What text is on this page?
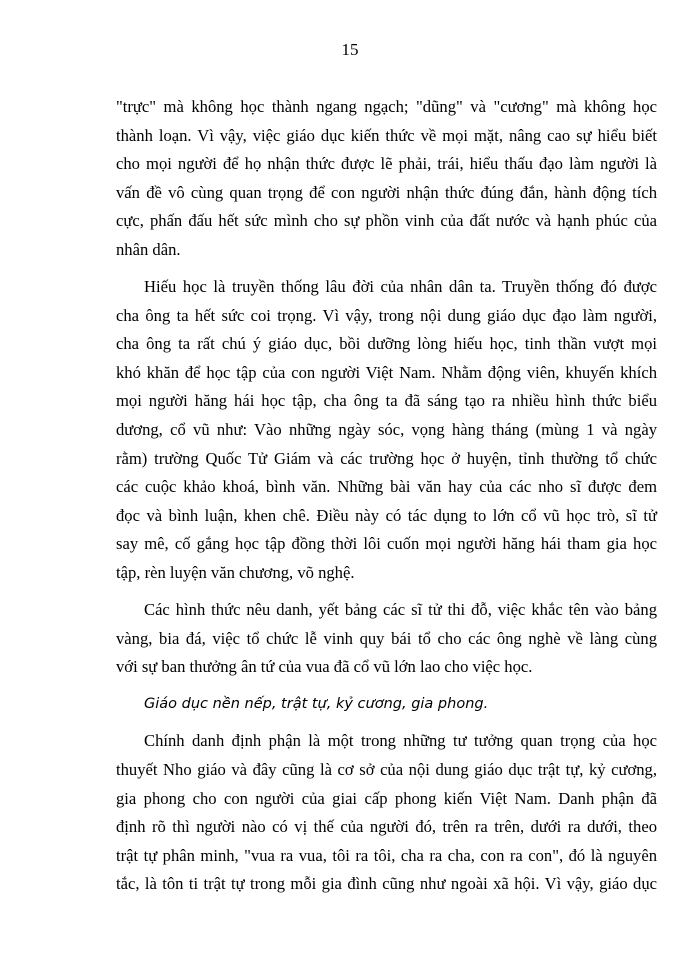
15
"trực" mà không học thành ngang ngạch; "dũng" và "cương" mà không học
thành loạn. Vì vậy, việc giáo dục kiến thức về mọi mặt, nâng cao sự hiểu biết
cho mọi người để họ nhận thức được lẽ phải, trái, hiểu thấu đạo làm người là
vấn đề vô cùng quan trọng để con người nhận thức đúng đắn, hành động tích
cực, phấn đấu hết sức mình cho sự phồn vinh của đất nước và hạnh phúc của
nhân dân.
Hiếu học là truyền thống lâu đời của nhân dân ta. Truyền thống đó được
cha ông ta hết sức coi trọng. Vì vậy, trong nội dung giáo dục đạo làm người,
cha ông ta rất chú ý giáo dục, bồi dưỡng lòng hiếu học, tinh thần vượt mọi
khó khăn để học tập của con người Việt Nam. Nhằm động viên, khuyến khích
mọi người hăng hái học tập, cha ông ta đã sáng tạo ra nhiều hình thức biểu
dương, cổ vũ như: Vào những ngày sóc, vọng hàng tháng (mùng 1 và ngày
rằm) trường Quốc Tử Giám và các trường học ở huyện, tỉnh thường tổ chức
các cuộc khảo khoá, bình văn. Những bài văn hay của các nho sĩ được đem
đọc và bình luận, khen chê. Điều này có tác dụng to lớn cổ vũ học trò, sĩ tử
say mê, cố gắng học tập đồng thời lôi cuốn mọi người hăng hái tham gia học
tập, rèn luyện văn chương, võ nghệ.
Các hình thức nêu danh, yết bảng các sĩ tử thi đỗ, việc khắc tên vào bảng
vàng, bia đá, việc tổ chức lễ vinh quy bái tổ cho các ông nghè về làng cùng
với sự ban thưởng ân tứ của vua đã cổ vũ lớn lao cho việc học.
Giáo dục nền nếp, trật tự, kỷ cương, gia phong.
Chính danh định phận là một trong những tư tưởng quan trọng của học
thuyết Nho giáo và đây cũng là cơ sở của nội dung giáo dục trật tự, kỷ cương,
gia phong cho con người của giai cấp phong kiến Việt Nam. Danh phận đã
định rõ thì người nào có vị thế của người đó, trên ra trên, dưới ra dưới, theo
trật tự phân minh, "vua ra vua, tôi ra tôi, cha ra cha, con ra con", đó là nguyên
tắc, là tôn ti trật tự trong mỗi gia đình cũng như ngoài xã hội. Vì vậy, giáo dục
